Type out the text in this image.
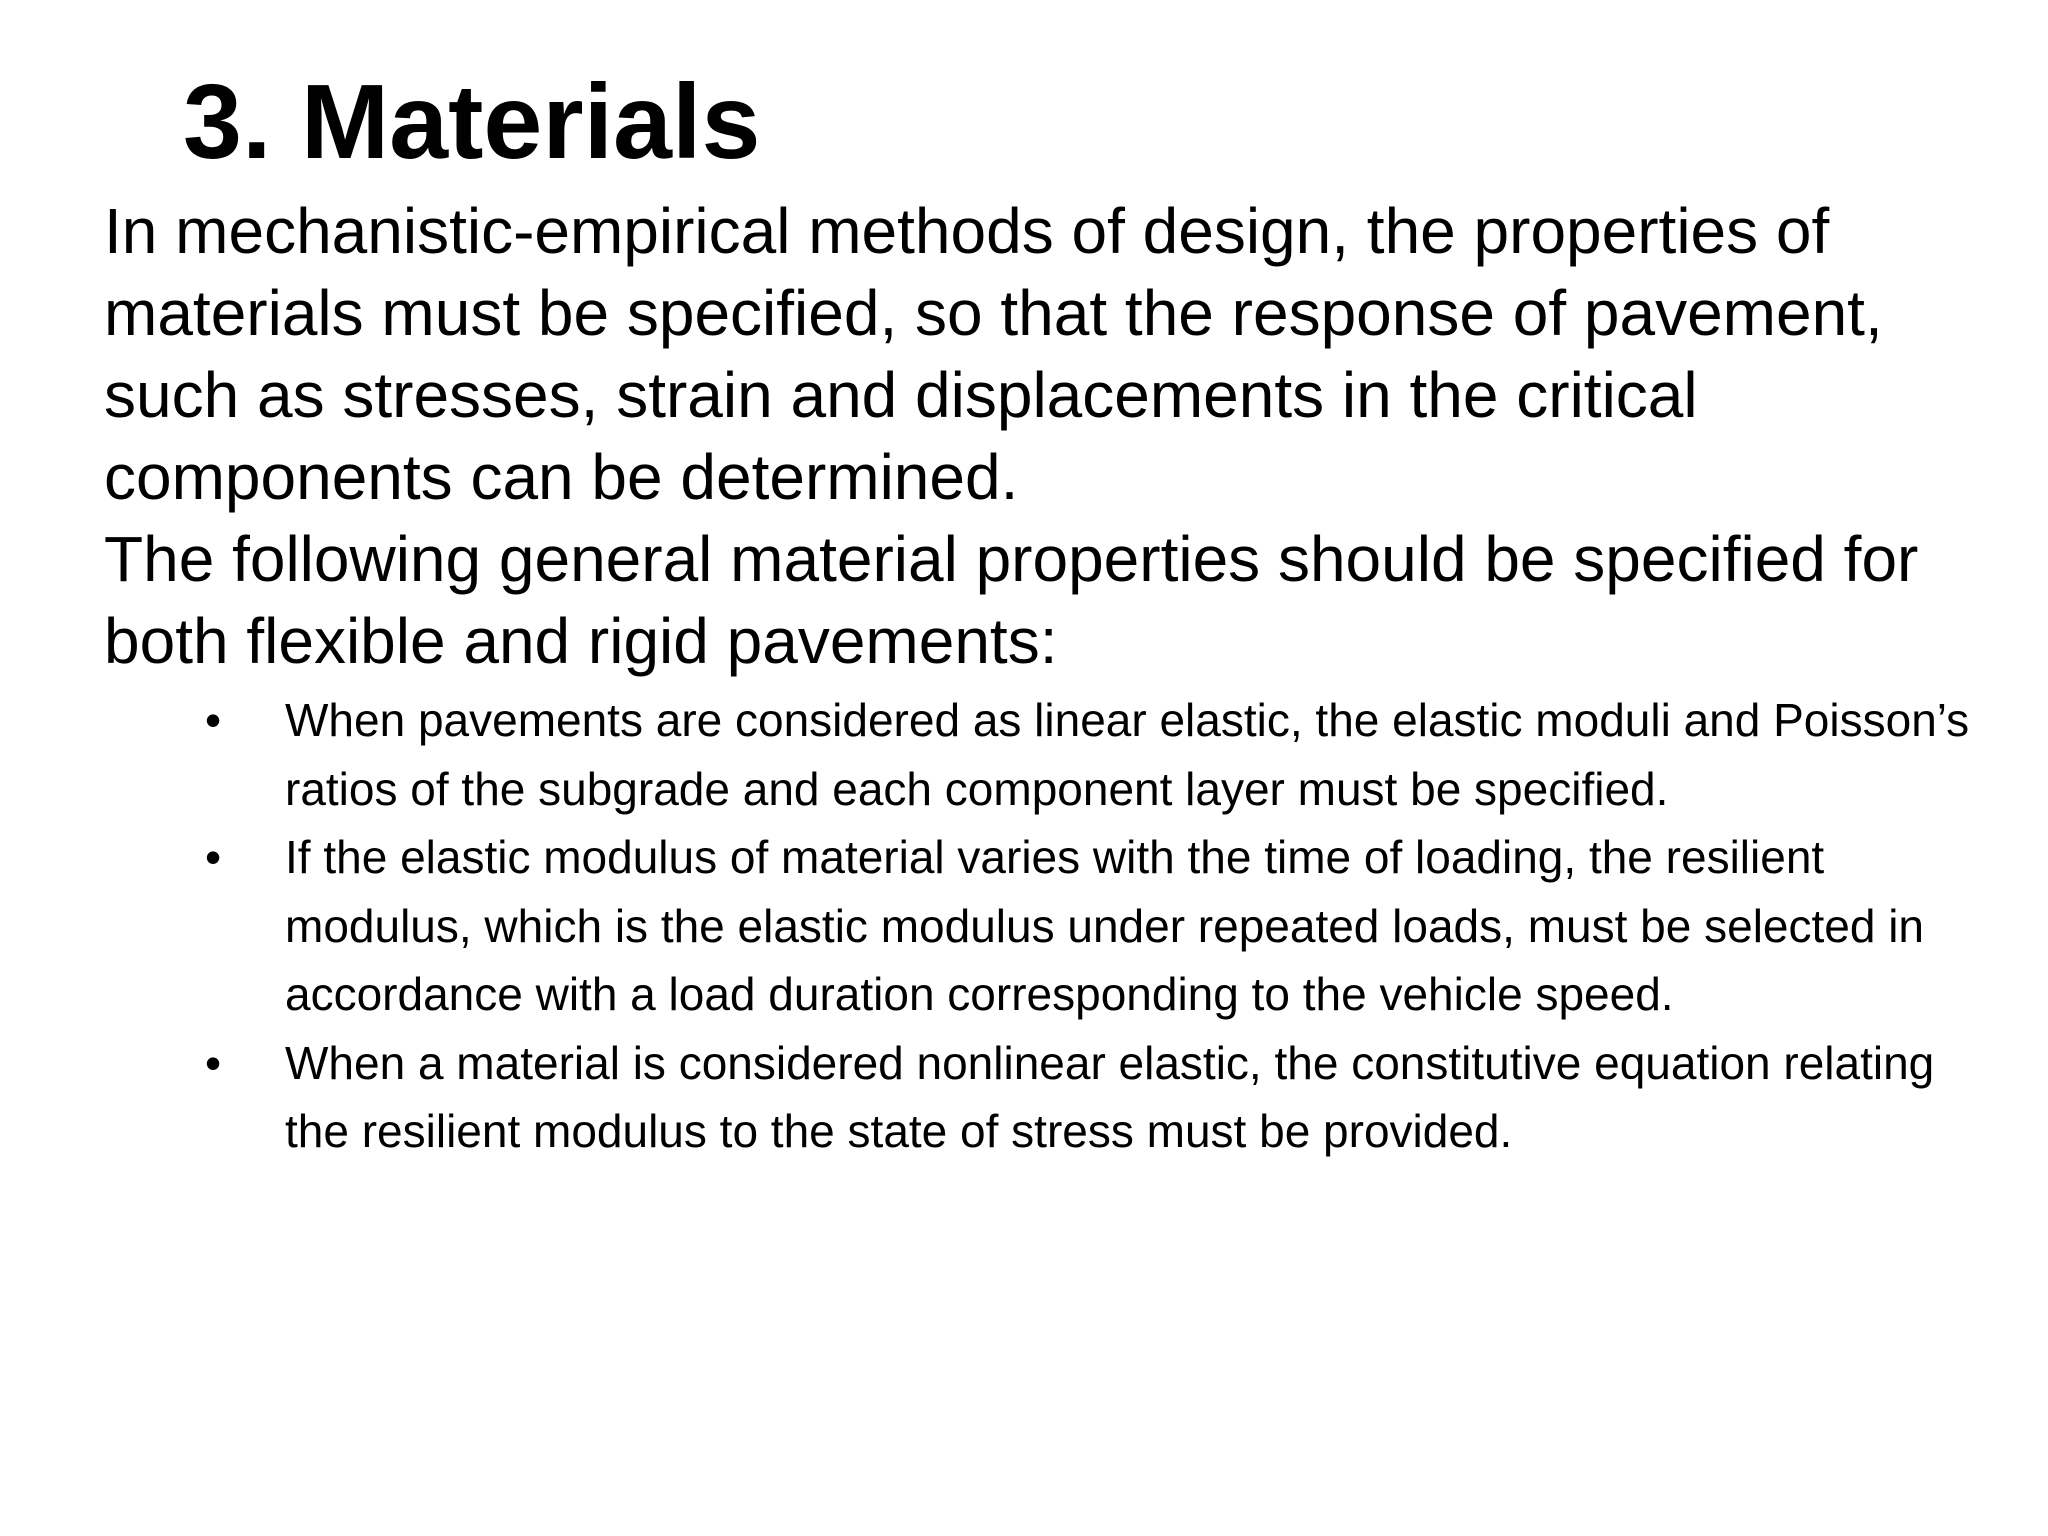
3. Materials

In mechanistic-empirical methods of design, the properties of materials must be specified, so that the response of pavement, such as stresses, strain and displacements in the critical components can be determined.

The following general material properties should be specified for both flexible and rigid pavements:

• When pavements are considered as linear elastic, the elastic moduli and Poisson’s ratios of the subgrade and each component layer must be specified.
• If the elastic modulus of material varies with the time of loading, the resilient modulus, which is the elastic modulus under repeated loads, must be selected in accordance with a load duration corresponding to the vehicle speed.
• When a material is considered nonlinear elastic, the constitutive equation relating the resilient modulus to the state of stress must be provided.
